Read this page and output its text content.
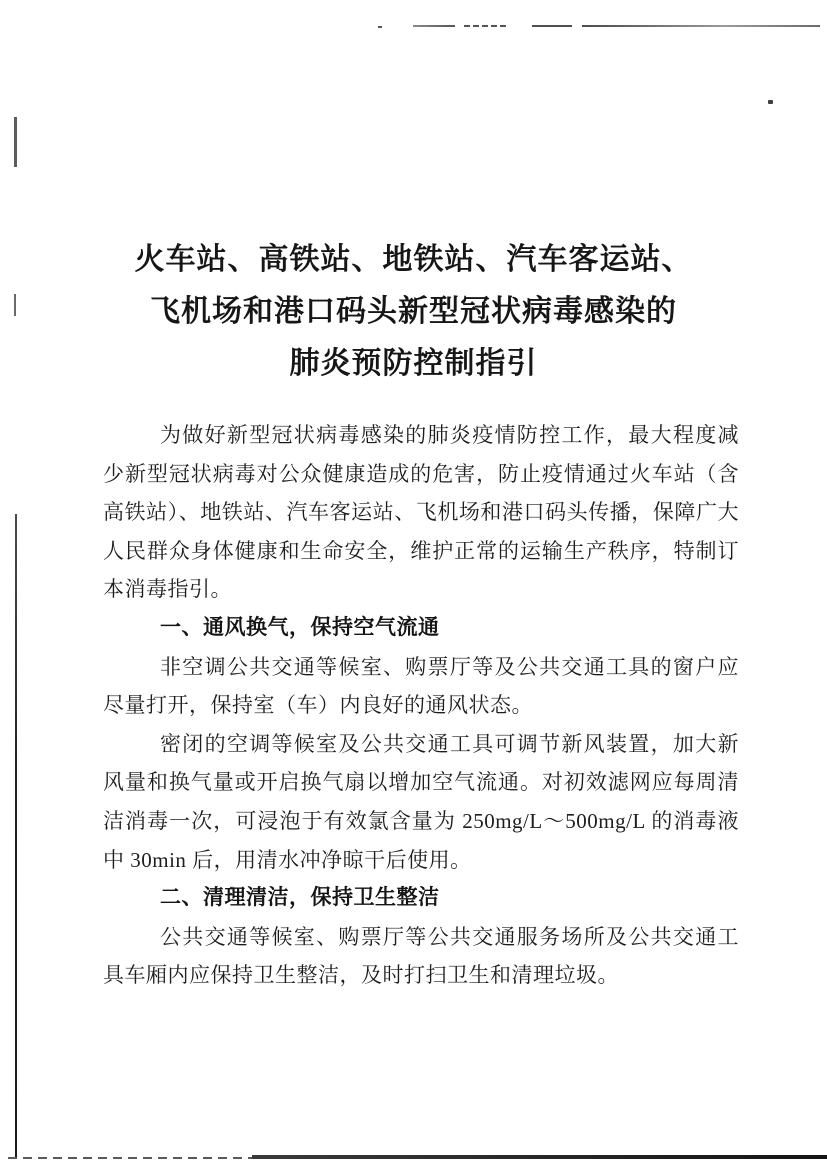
火车站、高铁站、地铁站、汽车客运站、
飞机场和港口码头新型冠状病毒感染的
肺炎预防控制指引

为做好新型冠状病毒感染的肺炎疫情防控工作，最大程度减少新型冠状病毒对公众健康造成的危害，防止疫情通过火车站（含高铁站）、地铁站、汽车客运站、飞机场和港口码头传播，保障广大人民群众身体健康和生命安全，维护正常的运输生产秩序，特制订本消毒指引。

一、通风换气，保持空气流通

非空调公共交通等候室、购票厅等及公共交通工具的窗户应尽量打开，保持室（车）内良好的通风状态。

密闭的空调等候室及公共交通工具可调节新风装置，加大新风量和换气量或开启换气扇以增加空气流通。对初效滤网应每周清洁消毒一次，可浸泡于有效氯含量为 250mg/L～500mg/L 的消毒液中 30min 后，用清水冲净晾干后使用。

二、清理清洁，保持卫生整洁

公共交通等候室、购票厅等公共交通服务场所及公共交通工具车厢内应保持卫生整洁，及时打扫卫生和清理垃圾。
